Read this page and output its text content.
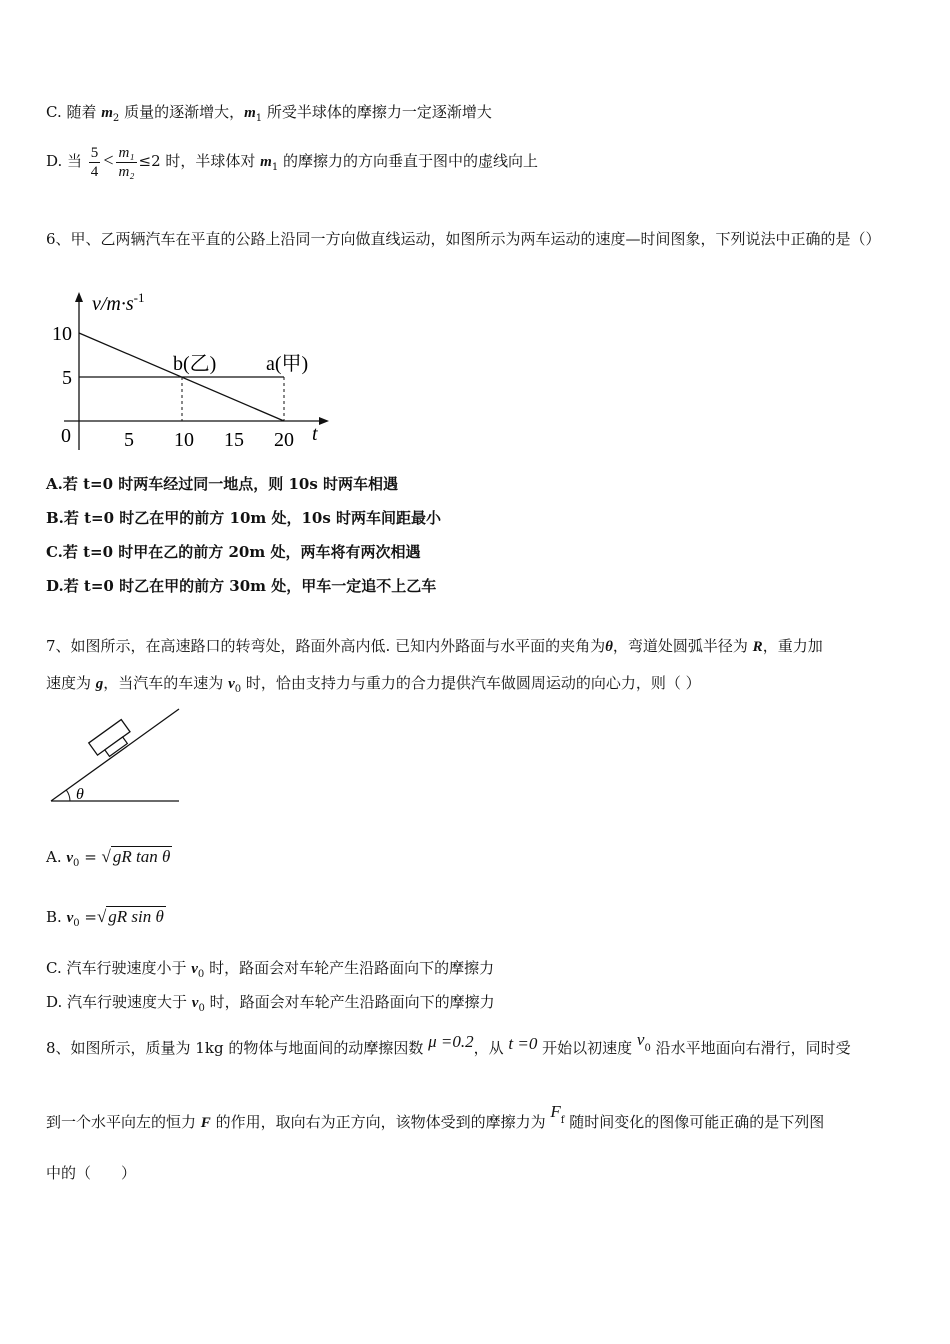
C. 随着 $m_2$ 质量的逐渐增大，$m_1$ 所受半球体的摩擦力一定逐渐增大
D. 当 $\frac{5}{4} < \frac{\text{m₁}}{\text{m₂}} \le 2$ 时，半球体对 $m_1$ 的摩擦力的方向垂直于图中的虚线向上
6、甲、乙两辆汽车在平直的公路上沿同一方向做直线运动，如图所示为两车运动的速度—时间图象，下列说法中正确的是（）
$v/m\cdot s^{-1}$
10
5
0	5 10 15 20 t
b(乙) a(甲)
A.若 t=0 时两车经过同一地点，则 10s 时两车相遇
B.若 t=0 时乙在甲的前方 10m 处，10s 时两车间距最小
C.若 t=0 时甲在乙的前方 20m 处，两车将有两次相遇
D.若 t=0 时乙在甲的前方 30m 处，甲车一定追不上乙车
7、如图所示，在高速路口的转弯处，路面外高内低. 已知内外路面与水平面的夹角为θ，弯道处圆弧半径为 R，重力加
速度为 g，当汽车的车速为 $v_0$ 时，恰由支持力与重力的合力提供汽车做圆周运动的向心力，则（ ）
θ
A. $v_0$ = √ gR tan θ
B. $v_0$ =√ gR sin θ
C. 汽车行驶速度小于 $v_0$ 时，路面会对车轮产生沿路面向下的摩擦力
D. 汽车行驶速度大于 $v_0$ 时，路面会对车轮产生沿路面向下的摩擦力
8、如图所示，质量为 1kg 的物体与地面间的动摩擦因数 μ =0.2，从 t =0 开始以初速度 $v_0$ 沿水平地面向右滑行，同时受
到一个水平向左的恒力 F 的作用，取向右为正方向，该物体受到的摩擦力为 $F_f$ 随时间变化的图像可能正确的是下列图
中的（　　）
